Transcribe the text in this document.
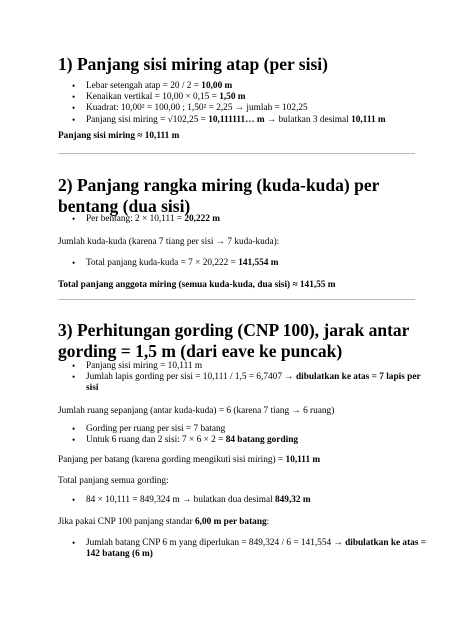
1) Panjang sisi miring atap (per sisi)
• Lebar setengah atap = 20 / 2 = 10,00 m
• Kenaikan vertikal = 10,00 × 0,15 = 1,50 m
• Kuadrat: 10,00² = 100,00 ; 1,50² = 2,25 → jumlah = 102,25
• Panjang sisi miring = √102,25 = 10,111111… m → bulatkan 3 desimal 10,111 m

Panjang sisi miring ≈ 10,111 m

2) Panjang rangka miring (kuda-kuda) per bentang (dua sisi)
• Per bentang: 2 × 10,111 = 20,222 m

Jumlah kuda-kuda (karena 7 tiang per sisi → 7 kuda-kuda):

• Total panjang kuda-kuda = 7 × 20,222 = 141,554 m

Total panjang anggota miring (semua kuda-kuda, dua sisi) ≈ 141,55 m

3) Perhitungan gording (CNP 100), jarak antar gording = 1,5 m (dari eave ke puncak)
• Panjang sisi miring = 10,111 m
• Jumlah lapis gording per sisi = 10,111 / 1,5 = 6,7407 → dibulatkan ke atas = 7 lapis per sisi

Jumlah ruang sepanjang (antar kuda-kuda) = 6 (karena 7 tiang → 6 ruang)

• Gording per ruang per sisi = 7 batang
• Untuk 6 ruang dan 2 sisi: 7 × 6 × 2 = 84 batang gording

Panjang per batang (karena gording mengikuti sisi miring) = 10,111 m

Total panjang semua gording:

• 84 × 10,111 = 849,324 m → bulatkan dua desimal 849,32 m

Jika pakai CNP 100 panjang standar 6,00 m per batang:

• Jumlah batang CNP 6 m yang diperlukan = 849,324 / 6 = 141,554 → dibulatkan ke atas = 142 batang (6 m)
